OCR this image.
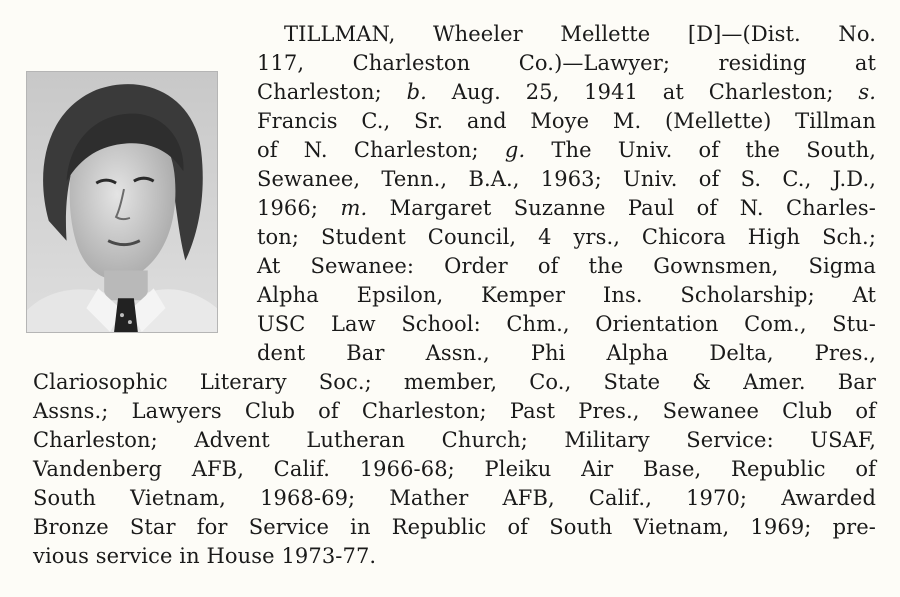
TILLMAN, Wheeler Mellette [D]—(Dist. No.
117, Charleston Co.)—Lawyer; residing at
Charleston; b. Aug. 25, 1941 at Charleston; s.
Francis C., Sr. and Moye M. (Mellette) Tillman
of N. Charleston; g. The Univ. of the South,
Sewanee, Tenn., B.A., 1963; Univ. of S. C., J.D.,
1966; m. Margaret Suzanne Paul of N. Charles-
ton; Student Council, 4 yrs., Chicora High Sch.;
At Sewanee: Order of the Gownsmen, Sigma
Alpha Epsilon, Kemper Ins. Scholarship; At
USC Law School: Chm., Orientation Com., Stu-
dent Bar Assn., Phi Alpha Delta, Pres.,
Clariosophic Literary Soc.; member, Co., State & Amer. Bar
Assns.; Lawyers Club of Charleston; Past Pres., Sewanee Club of
Charleston; Advent Lutheran Church; Military Service: USAF,
Vandenberg AFB, Calif. 1966-68; Pleiku Air Base, Republic of
South Vietnam, 1968-69; Mather AFB, Calif., 1970; Awarded
Bronze Star for Service in Republic of South Vietnam, 1969; pre-
vious service in House 1973-77.
